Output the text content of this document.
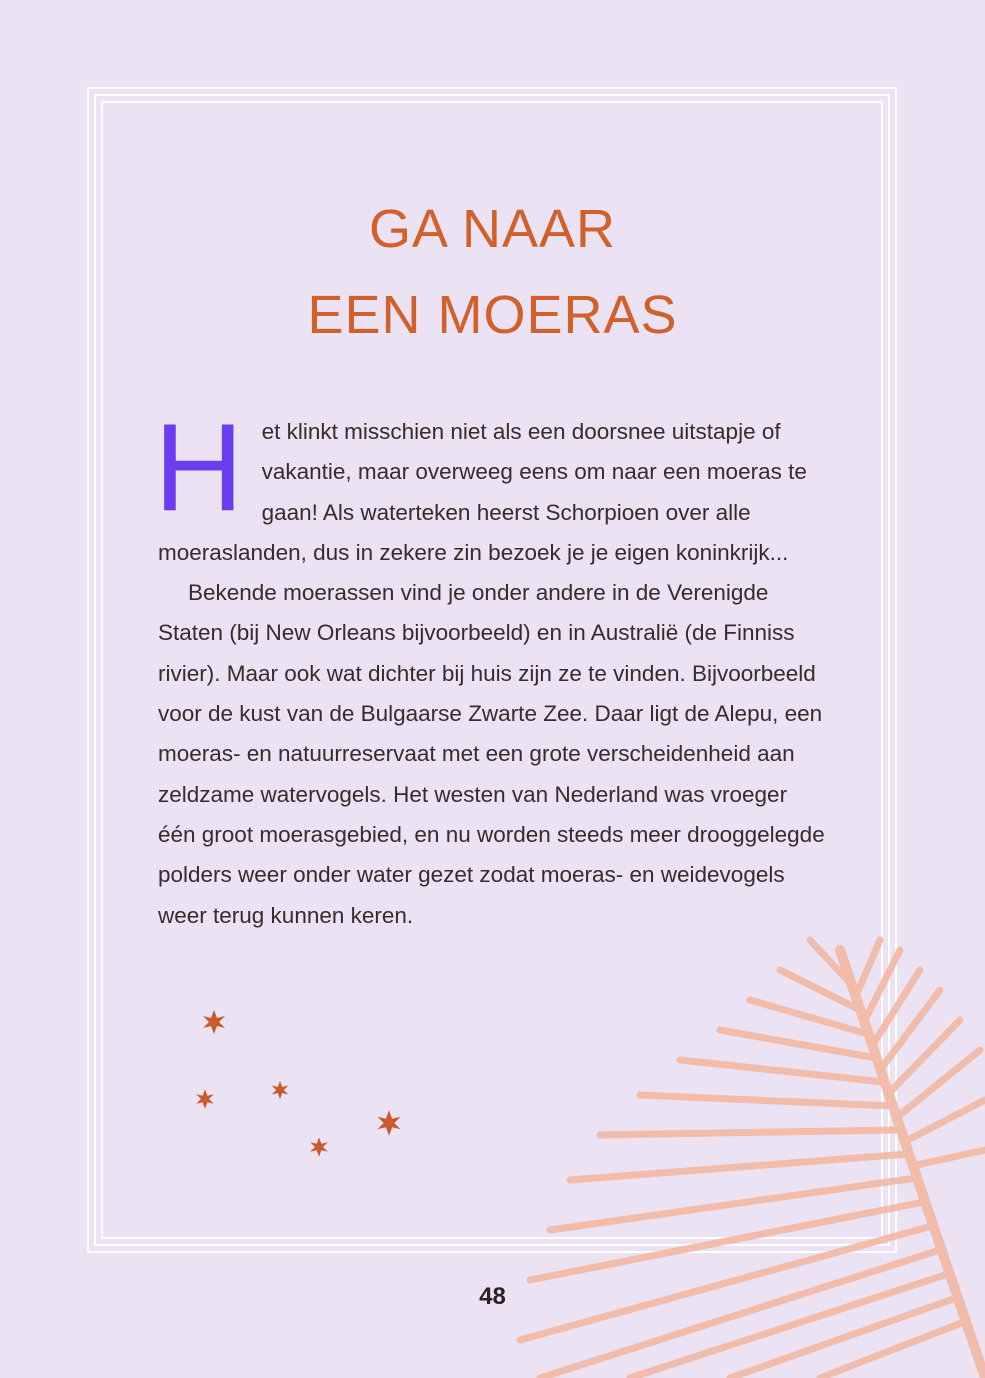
GA NAAR
EEN MOERAS

Het klinkt misschien niet als een doorsnee uitstapje of vakantie, maar overweeg eens om naar een moeras te gaan! Als waterteken heerst Schorpioen over alle moeraslanden, dus in zekere zin bezoek je je eigen koninkrijk...

Bekende moerassen vind je onder andere in de Verenigde Staten (bij New Orleans bijvoorbeeld) en in Australië (de Finniss rivier). Maar ook wat dichter bij huis zijn ze te vinden. Bijvoorbeeld voor de kust van de Bulgaarse Zwarte Zee. Daar ligt de Alepu, een moeras- en natuurreservaat met een grote verscheidenheid aan zeldzame watervogels. Het westen van Nederland was vroeger één groot moerasgebied, en nu worden steeds meer drooggelegde polders weer onder water gezet zodat moeras- en weidevogels weer terug kunnen keren.

48
